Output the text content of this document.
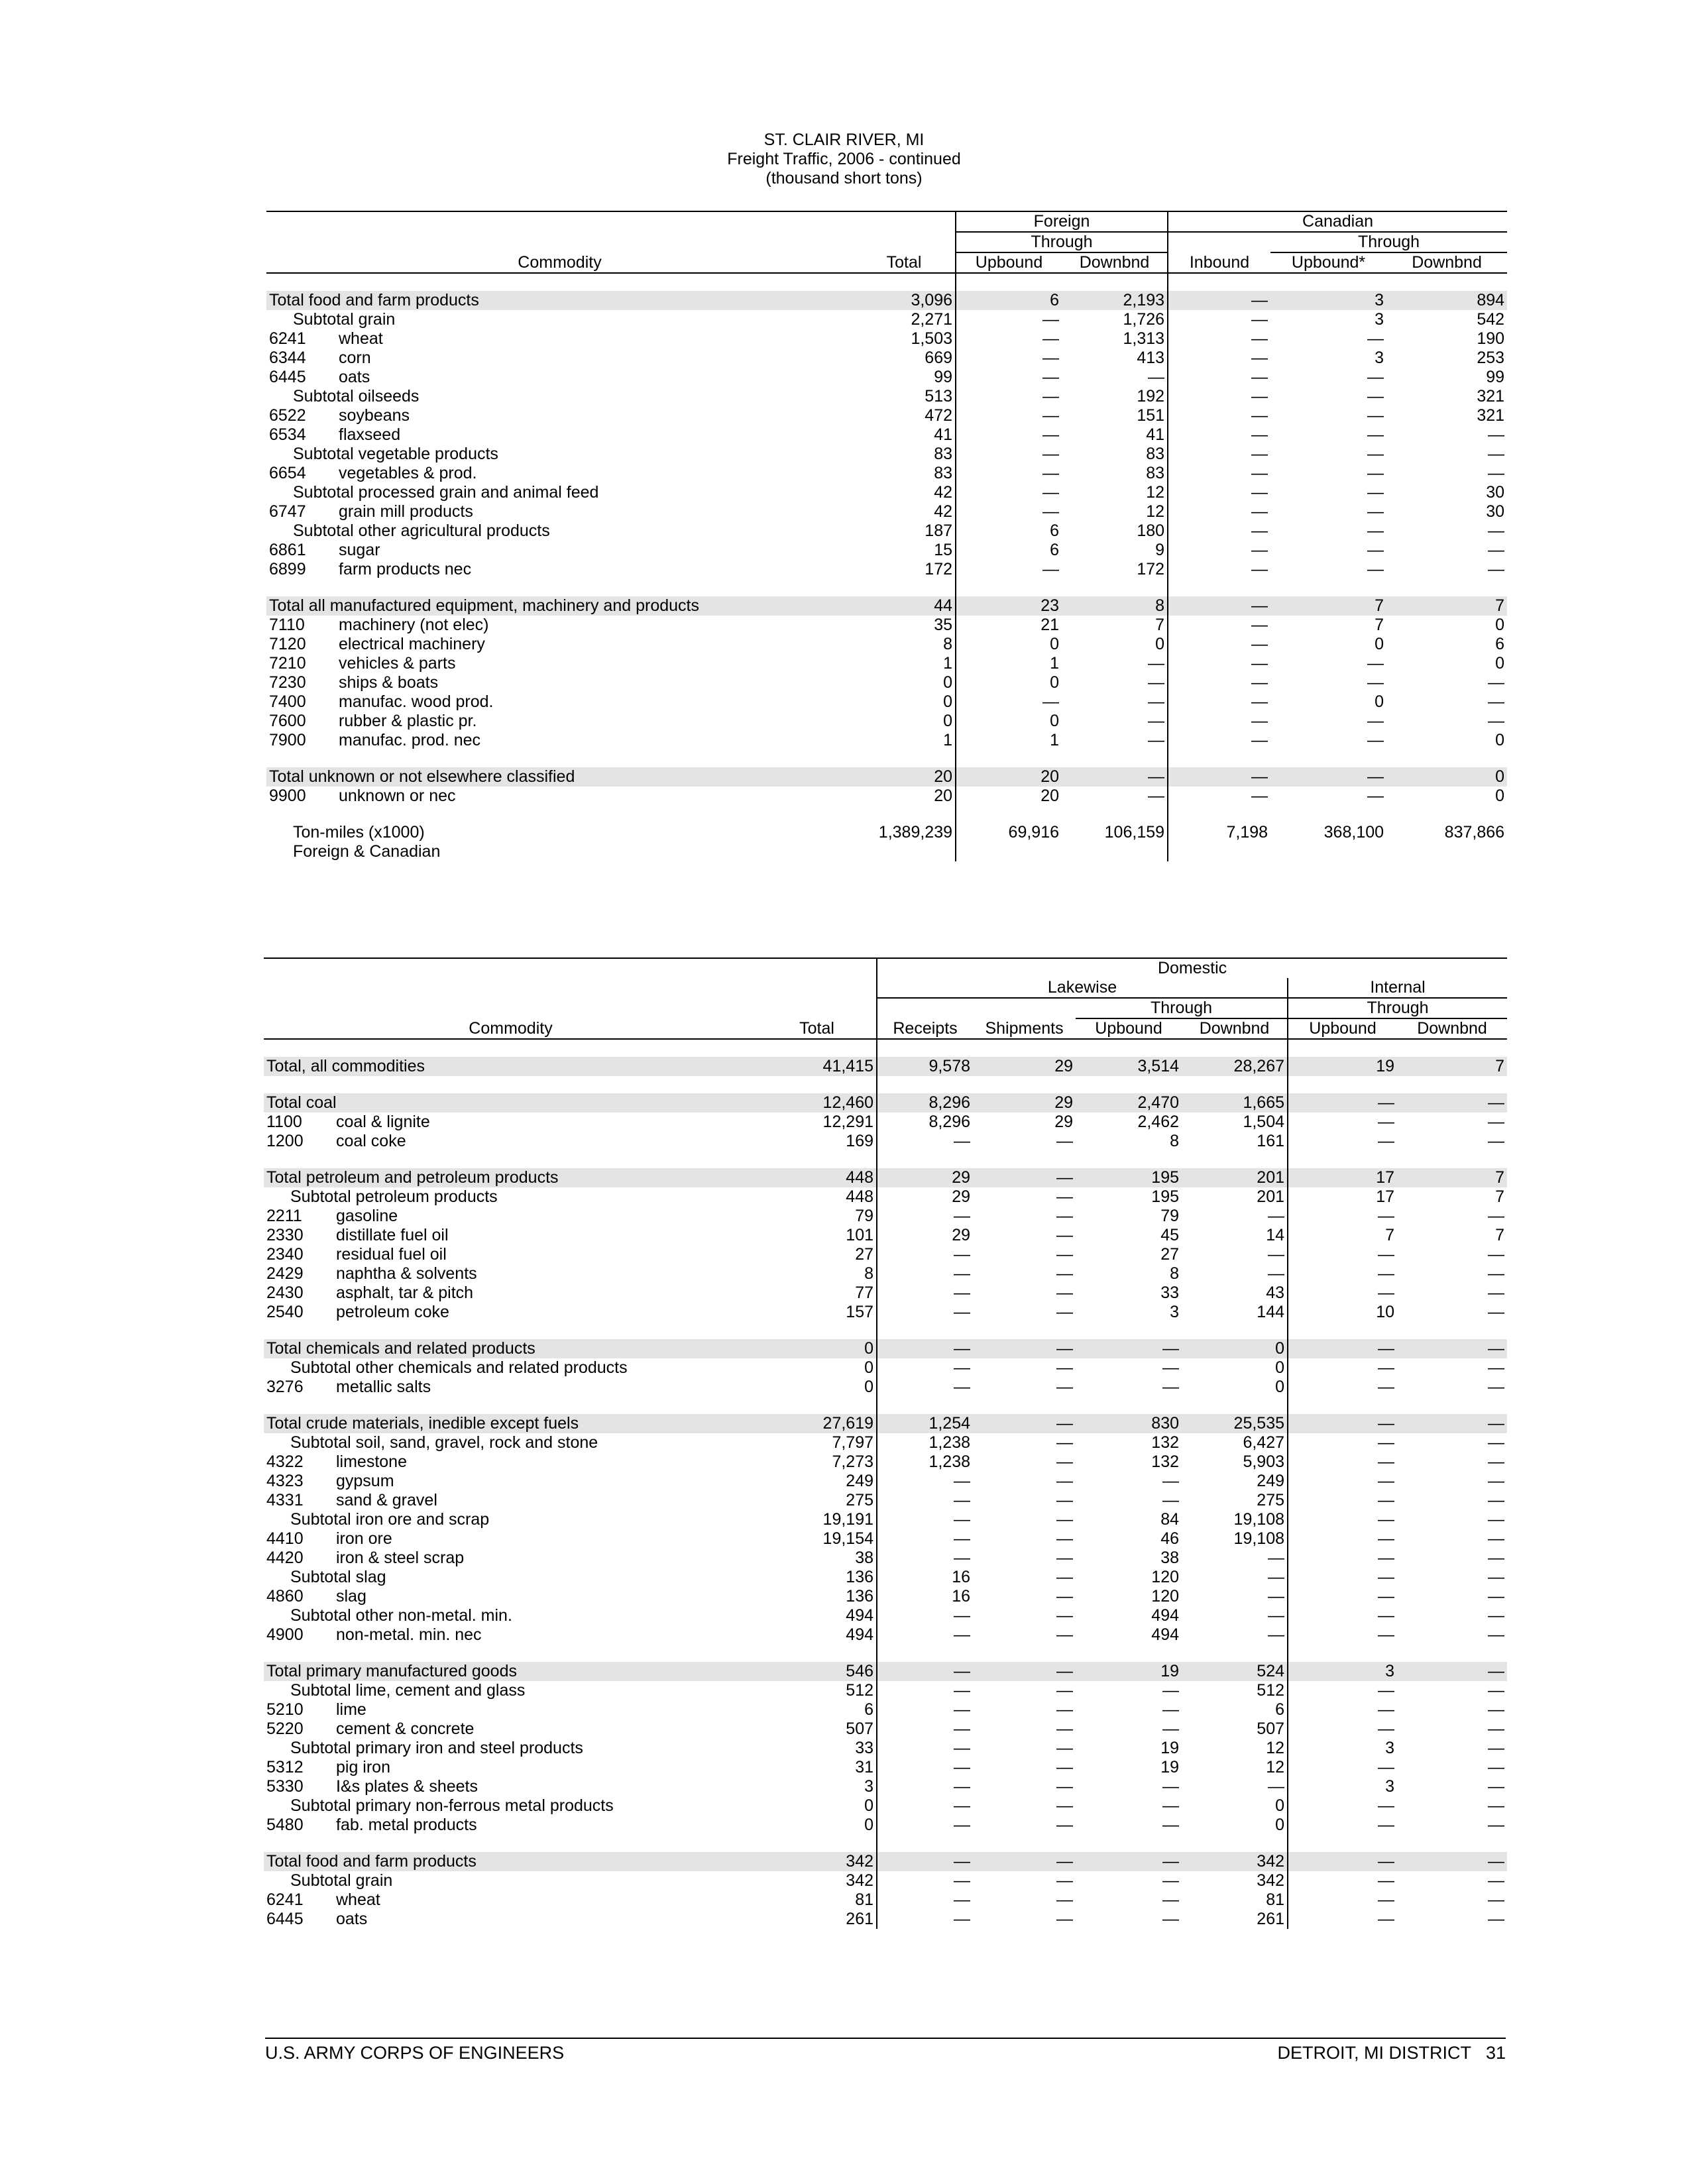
ST. CLAIR RIVER, MI
Freight Traffic, 2006 - continued
(thousand short tons)
Commodity		Total	Foreign		Canadian		
			Through		Inbound	Through	
			Upbound	Downbnd		Upbound*	Downbnd

Total food and farm products		3,096	6	2,193	—	3	894
Subtotal grain		2,271	—	1,726	—	3	542
6241	wheat	1,503	—	1,313	—	—	190
6344	corn	669	—	413	—	3	253
6445	oats	99	—	—	—	—	99
Subtotal oilseeds		513	—	192	—	—	321
6522	soybeans	472	—	151	—	—	321
6534	flaxseed	41	—	41	—	—	—
Subtotal vegetable products		83	—	83	—	—	—
6654	vegetables & prod.	83	—	83	—	—	—
Subtotal processed grain and animal feed		42	—	12	—	—	30
6747	grain mill products	42	—	12	—	—	30
Subtotal other agricultural products		187	6	180	—	—	—
6861	sugar	15	6	9	—	—	—
6899	farm products nec	172	—	172	—	—	—

Total all manufactured equipment, machinery and products		44	23	8	—	7	7
7110	machinery (not elec)	35	21	7	—	7	0
7120	electrical machinery	8	0	0	—	0	6
7210	vehicles & parts	1	1	—	—	—	0
7230	ships & boats	0	0	—	—	—	—
7400	manufac. wood prod.	0	—	—	—	0	—
7600	rubber & plastic pr.	0	0	—	—	—	—
7900	manufac. prod. nec	1	1	—	—	—	0

Total unknown or not elsewhere classified		20	20	—	—	—	0
9900	unknown or nec	20	20	—	—	—	0

Ton-miles (x1000)		1,389,239	69,916	106,159	7,198	368,100	837,866
Foreign & Canadian							
Commodity		Total	Domestic					
			Lakewise				Internal	
			Receipts	Shipments	Through		Through	
					Upbound	Downbnd	Upbound	Downbnd

Total, all commodities		41,415	9,578	29	3,514	28,267	19	7

Total coal		12,460	8,296	29	2,470	1,665	—	—
1100	coal & lignite	12,291	8,296	29	2,462	1,504	—	—
1200	coal coke	169	—	—	8	161	—	—

Total petroleum and petroleum products		448	29	—	195	201	17	7
Subtotal petroleum products		448	29	—	195	201	17	7
2211	gasoline	79	—	—	79	—	—	—
2330	distillate fuel oil	101	29	—	45	14	7	7
2340	residual fuel oil	27	—	—	27	—	—	—
2429	naphtha & solvents	8	—	—	8	—	—	—
2430	asphalt, tar & pitch	77	—	—	33	43	—	—
2540	petroleum coke	157	—	—	3	144	10	—

Total chemicals and related products		0	—	—	—	0	—	—
Subtotal other chemicals and related products		0	—	—	—	0	—	—
3276	metallic salts	0	—	—	—	0	—	—

Total crude materials, inedible except fuels		27,619	1,254	—	830	25,535	—	—
Subtotal soil, sand, gravel, rock and stone		7,797	1,238	—	132	6,427	—	—
4322	limestone	7,273	1,238	—	132	5,903	—	—
4323	gypsum	249	—	—	—	249	—	—
4331	sand & gravel	275	—	—	—	275	—	—
Subtotal iron ore and scrap		19,191	—	—	84	19,108	—	—
4410	iron ore	19,154	—	—	46	19,108	—	—
4420	iron & steel scrap	38	—	—	38	—	—	—
Subtotal slag		136	16	—	120	—	—	—
4860	slag	136	16	—	120	—	—	—
Subtotal other non-metal. min.		494	—	—	494	—	—	—
4900	non-metal. min. nec	494	—	—	494	—	—	—

Total primary manufactured goods		546	—	—	19	524	3	—
Subtotal lime, cement and glass		512	—	—	—	512	—	—
5210	lime	6	—	—	—	6	—	—
5220	cement & concrete	507	—	—	—	507	—	—
Subtotal primary iron and steel products		33	—	—	19	12	3	—
5312	pig iron	31	—	—	19	12	—	—
5330	I&s plates & sheets	3	—	—	—	—	3	—
Subtotal primary non-ferrous metal products		0	—	—	—	0	—	—
5480	fab. metal products	0	—	—	—	0	—	—

Total food and farm products		342	—	—	—	342	—	—
Subtotal grain		342	—	—	—	342	—	—
6241	wheat	81	—	—	—	81	—	—
6445	oats	261	—	—	—	261	—	—
U.S. ARMY CORPS OF ENGINEERS	DETROIT, MI DISTRICT   31
